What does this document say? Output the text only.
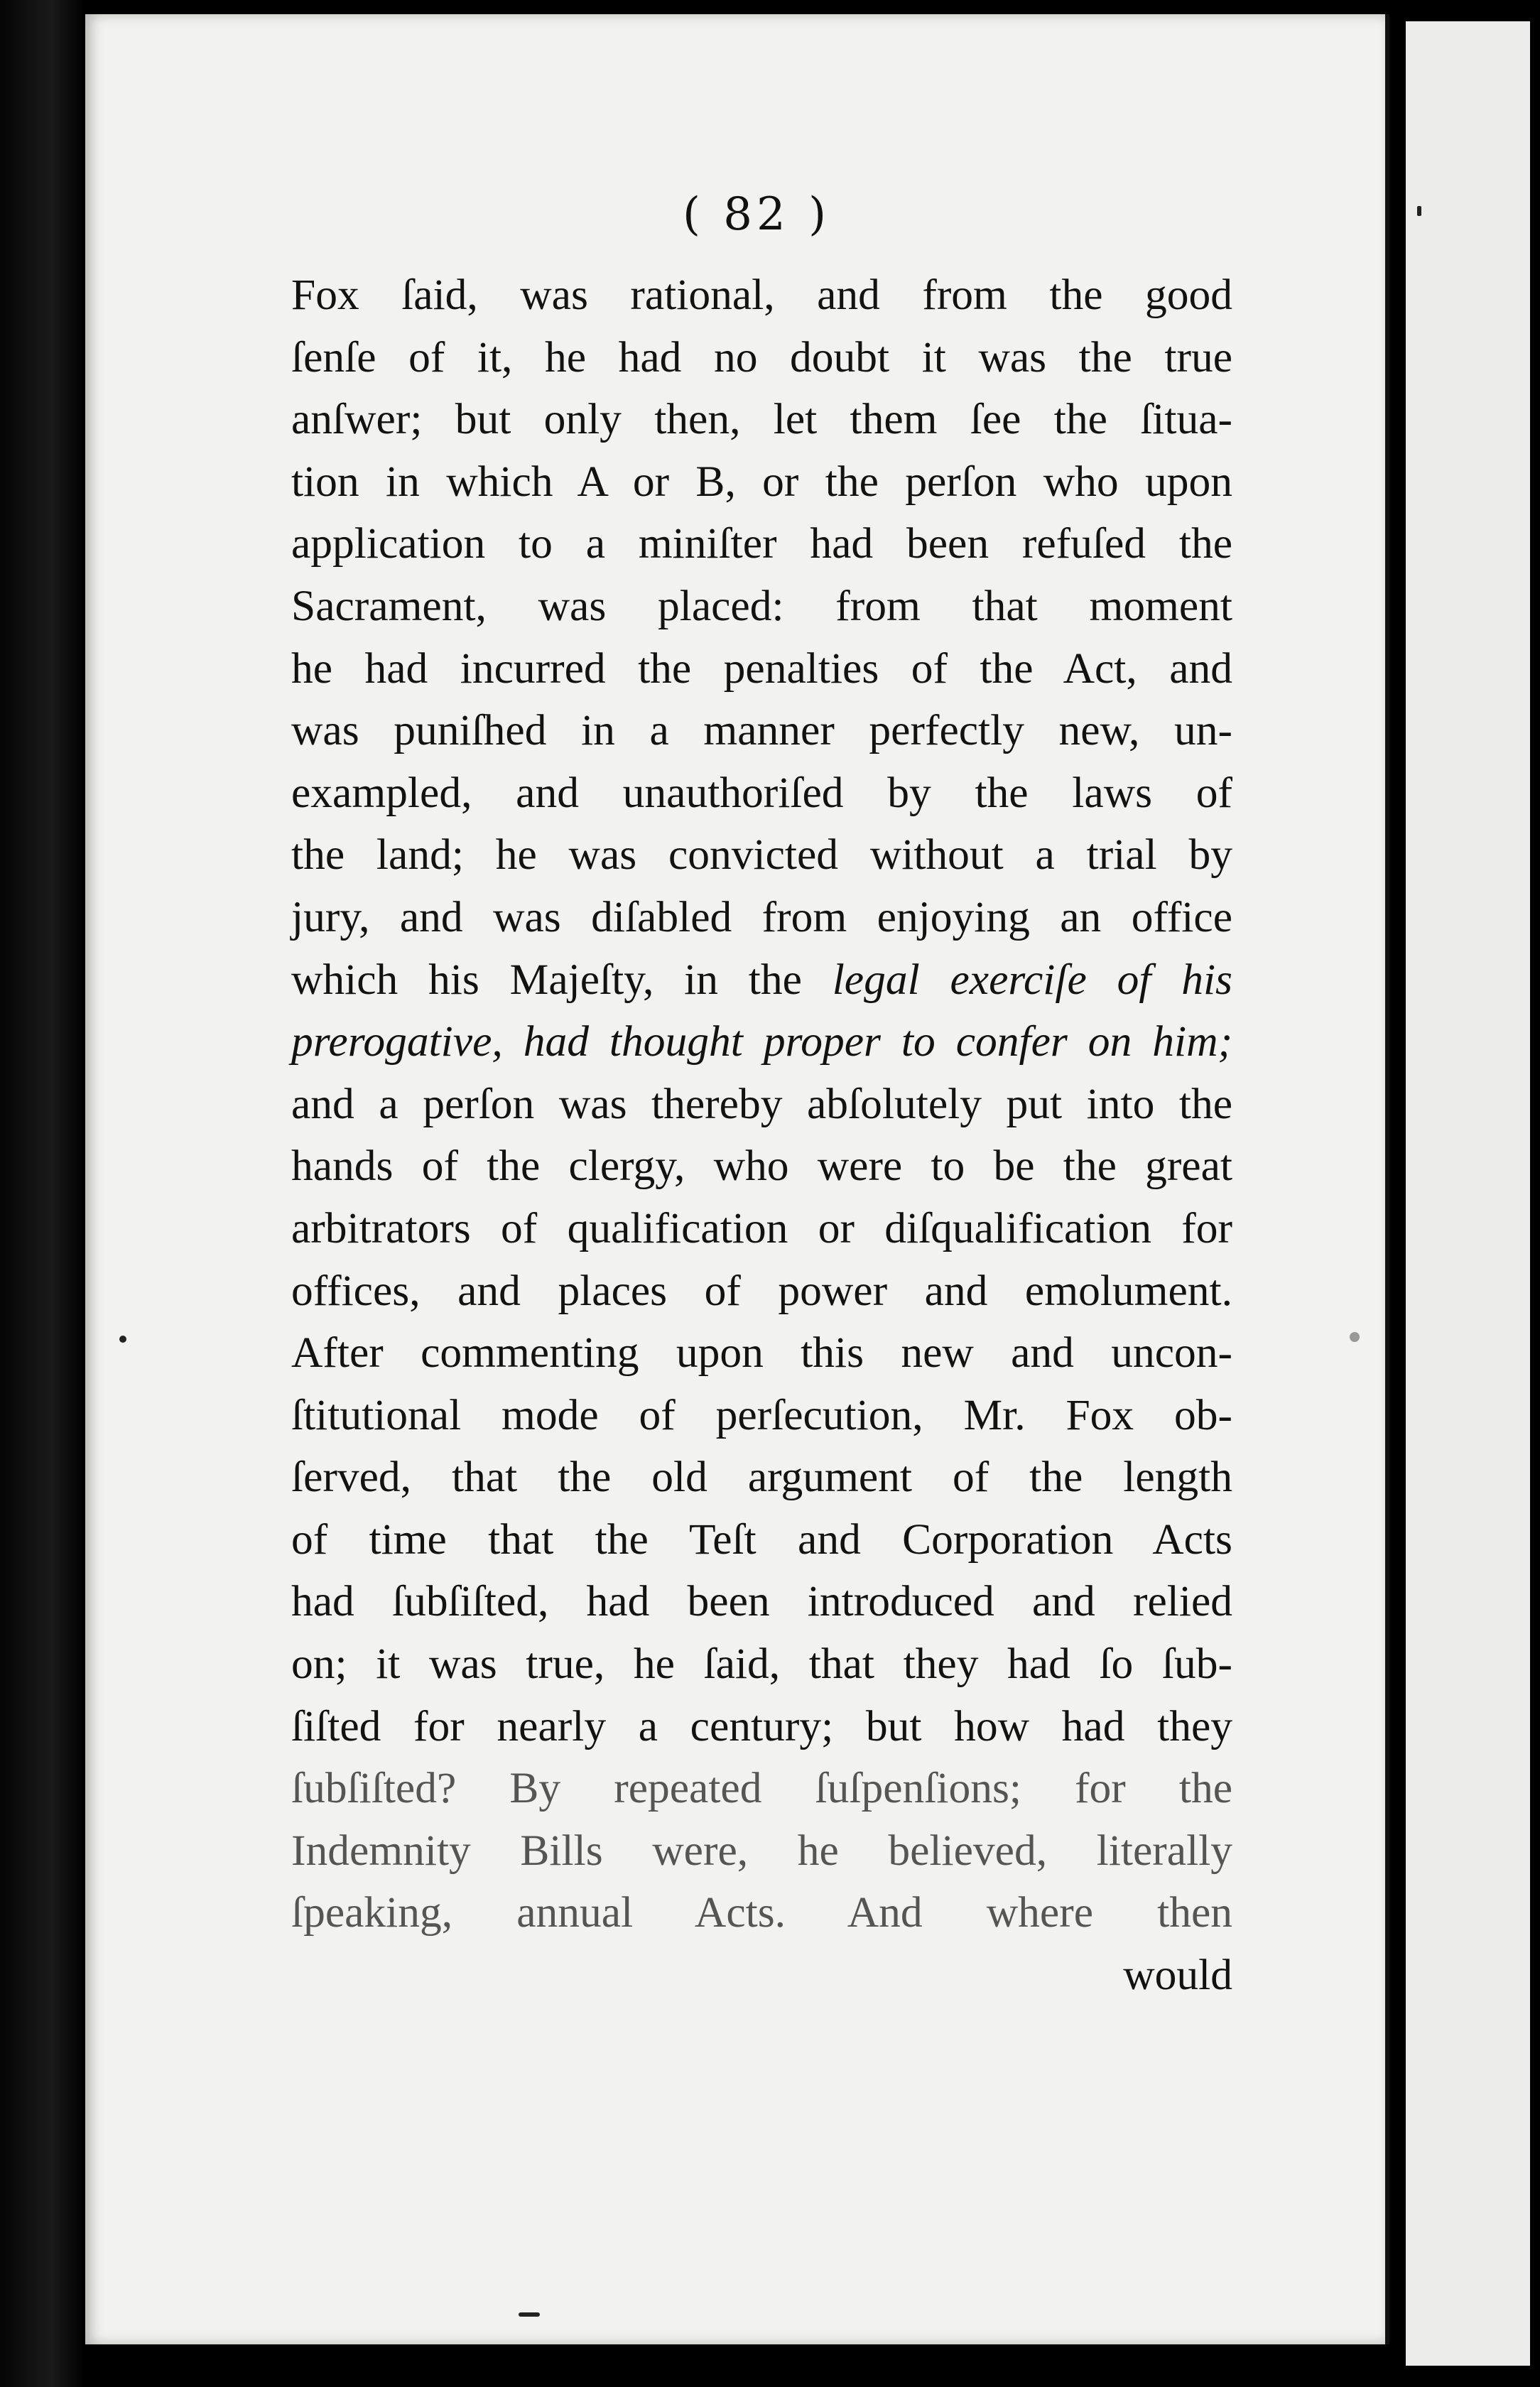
( 82 )
Fox ſaid, was rational, and from the good
ſenſe of it, he had no doubt it was the true
anſwer; but only then, let them ſee the ſitua-
tion in which A or B, or the perſon who upon
application to a miniſter had been refuſed the
Sacrament, was placed: from that moment
he had incurred the penalties of the Act, and
was puniſhed in a manner perfectly new, un-
exampled, and unauthoriſed by the laws of
the land; he was convicted without a trial by
jury, and was diſabled from enjoying an office
which his Majeſty, in the legal exerciſe of his
prerogative, had thought proper to confer on him;
and a perſon was thereby abſolutely put into the
hands of the clergy, who were to be the great
arbitrators of qualification or diſqualification for
offices, and places of power and emolument.
After commenting upon this new and uncon-
ſtitutional mode of perſecution, Mr. Fox ob-
ſerved, that the old argument of the length
of time that the Teſt and Corporation Acts
had ſubſiſted, had been introduced and relied
on; it was true, he ſaid, that they had ſo ſub-
ſiſted for nearly a century; but how had they
ſubſiſted? By repeated ſuſpenſions; for the
Indemnity Bills were, he believed, literally
ſpeaking, annual Acts. And where then
would
